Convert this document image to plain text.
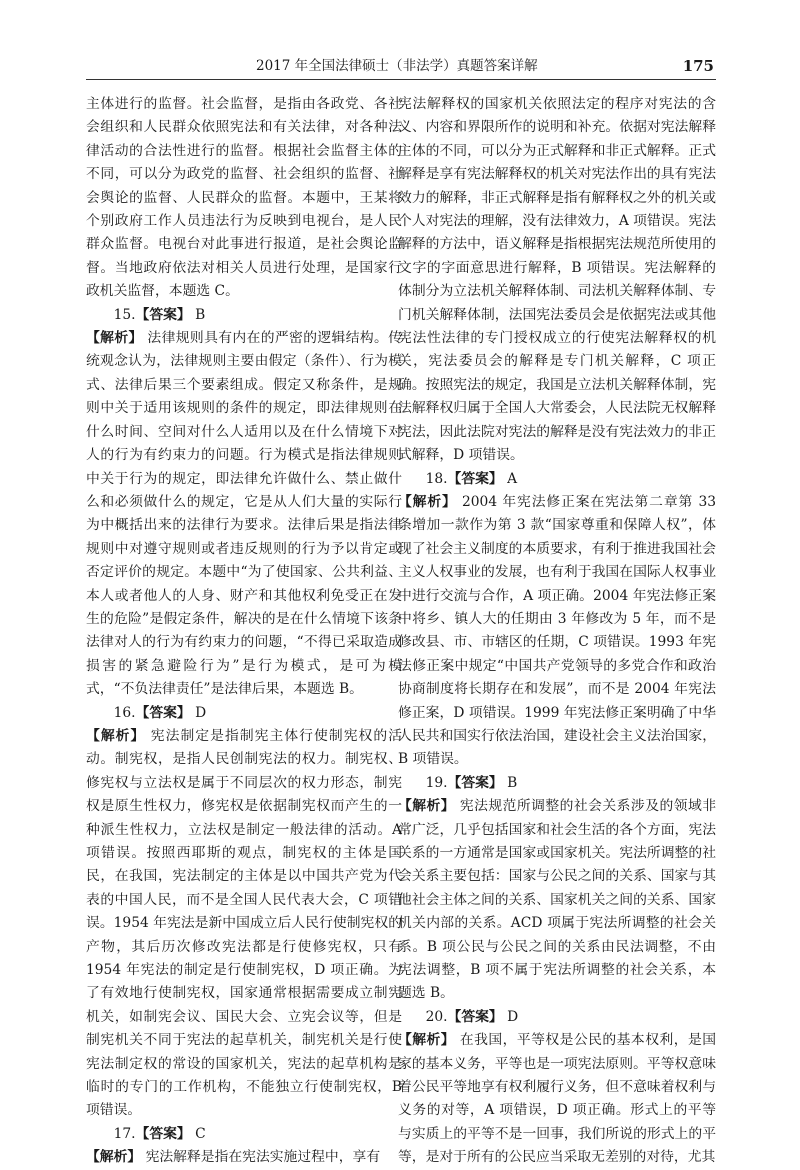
2017 年全国法律硕士（非法学）真题答案详解	175

主体进行的监督。社会监督，是指由各政党、各社会组织和人民群众依照宪法和有关法律，对各种法律活动的合法性进行的监督。根据社会监督主体的不同，可以分为政党的监督、社会组织的监督、社会舆论的监督、人民群众的监督。本题中，王某将个别政府工作人员违法行为反映到电视台，是人民群众监督。电视台对此事进行报道，是社会舆论监督。当地政府依法对相关人员进行处理，是国家行政机关监督，本题选 C。

15.【答案】 B

【解析】 法律规则具有内在的严密的逻辑结构。传统观念认为，法律规则主要由假定（条件）、行为模式、法律后果三个要素组成。假定又称条件，是规则中关于适用该规则的条件的规定，即法律规则在什么时间、空间对什么人适用以及在什么情境下对人的行为有约束力的问题。行为模式是指法律规则中关于行为的规定，即法律允许做什么、禁止做什么和必须做什么的规定，它是从人们大量的实际行为中概括出来的法律行为要求。法律后果是指法律规则中对遵守规则或者违反规则的行为予以肯定或否定评价的规定。本题中“为了使国家、公共利益、本人或者他人的人身、财产和其他权利免受正在发生的危险”是假定条件，解决的是在什么情境下该条法律对人的行为有约束力的问题，“不得已采取造成损害的紧急避险行为”是行为模式，是可为模式，“不负法律责任”是法律后果，本题选 B。

16.【答案】 D

【解析】 宪法制定是指制宪主体行使制宪权的活动。制宪权，是指人民创制宪法的权力。制宪权、修宪权与立法权是属于不同层次的权力形态，制宪权是原生性权力，修宪权是依据制宪权而产生的一种派生性权力，立法权是制定一般法律的活动。A 项错误。按照西耶斯的观点，制宪权的主体是国民，在我国，宪法制定的主体是以中国共产党为代表的中国人民，而不是全国人民代表大会，C 项错误。1954 年宪法是新中国成立后人民行使制宪权的产物，其后历次修改宪法都是行使修宪权，只有 1954 年宪法的制定是行使制宪权，D 项正确。为了有效地行使制宪权，国家通常根据需要成立制宪机关，如制宪会议、国民大会、立宪会议等，但是制宪机关不同于宪法的起草机关，制宪机关是行使宪法制定权的常设的国家机关，宪法的起草机构是临时的专门的工作机构，不能独立行使制宪权，B 项错误。

17.【答案】 C

【解析】 宪法解释是指在宪法实施过程中，享有

宪法解释权的国家机关依照法定的程序对宪法的含义、内容和界限所作的说明和补充。依据对宪法解释主体的不同，可以分为正式解释和非正式解释。正式解释是享有宪法解释权的机关对宪法作出的具有宪法效力的解释，非正式解释是指有解释权之外的机关或个人对宪法的理解，没有法律效力，A 项错误。宪法解释的方法中，语义解释是指根据宪法规范所使用的文字的字面意思进行解释，B 项错误。宪法解释的体制分为立法机关解释体制、司法机关解释体制、专门机关解释体制，法国宪法委员会是依据宪法或其他宪法性法律的专门授权成立的行使宪法解释权的机关，宪法委员会的解释是专门机关解释，C 项正确。按照宪法的规定，我国是立法机关解释体制，宪法解释权归属于全国人大常委会，人民法院无权解释宪法，因此法院对宪法的解释是没有宪法效力的非正式解释，D 项错误。

18.【答案】 A

【解析】 2004 年宪法修正案在宪法第二章第 33 条增加一款作为第 3 款“国家尊重和保障人权”，体现了社会主义制度的本质要求，有利于推进我国社会主义人权事业的发展，也有利于我国在国际人权事业中进行交流与合作，A 项正确。2004 年宪法修正案中将乡、镇人大的任期由 3 年修改为 5 年，而不是修改县、市、市辖区的任期，C 项错误。1993 年宪法修正案中规定“中国共产党领导的多党合作和政治协商制度将长期存在和发展”，而不是 2004 年宪法修正案，D 项错误。1999 年宪法修正案明确了中华人民共和国实行依法治国，建设社会主义法治国家，B 项错误。

19.【答案】 B

【解析】 宪法规范所调整的社会关系涉及的领域非常广泛，几乎包括国家和社会生活的各个方面，宪法关系的一方通常是国家或国家机关。宪法所调整的社会关系主要包括：国家与公民之间的关系、国家与其他社会主体之间的关系、国家机关之间的关系、国家机关内部的关系。ACD 项属于宪法所调整的社会关系。B 项公民与公民之间的关系由民法调整，不由宪法调整，B 项不属于宪法所调整的社会关系，本题选 B。

20.【答案】 D

【解析】 在我国，平等权是公民的基本权利，是国家的基本义务，平等也是一项宪法原则。平等权意味着公民平等地享有权利履行义务，但不意味着权利与义务的对等，A 项错误，D 项正确。形式上的平等与实质上的平等不是一回事，我们所说的形式上的平等，是对于所有的公民应当采取无差别的对待，尤其
